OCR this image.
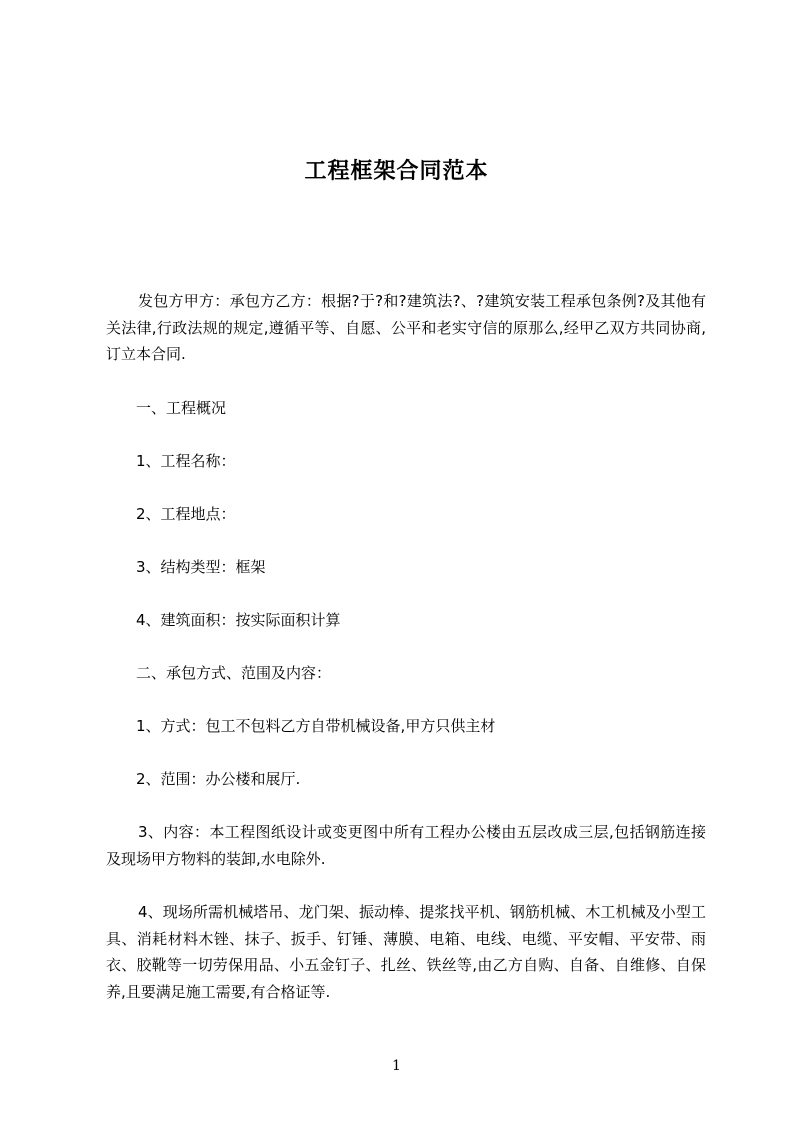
工程框架合同范本

发包方甲方：承包方乙方：根据?于?和?建筑法?、?建筑安装工程承包条例?及其他有关法律,行政法规的规定,遵循平等、自愿、公平和老实守信的原那么,经甲乙双方共同协商,订立本合同.

一、工程概况

1、工程名称：

2、工程地点：

3、结构类型：框架

4、建筑面积：按实际面积计算

二、承包方式、范围及内容：

1、方式：包工不包料乙方自带机械设备,甲方只供主材

2、范围：办公楼和展厅.

3、内容：本工程图纸设计或变更图中所有工程办公楼由五层改成三层,包括钢筋连接及现场甲方物料的装卸,水电除外.

4、现场所需机械塔吊、龙门架、振动棒、提浆找平机、钢筋机械、木工机械及小型工具、消耗材料木锉、抹子、扳手、钉锤、薄膜、电箱、电线、电缆、平安帽、平安带、雨衣、胶靴等一切劳保用品、小五金钉子、扎丝、铁丝等,由乙方自购、自备、自维修、自保养,且要满足施工需要,有合格证等.

1
